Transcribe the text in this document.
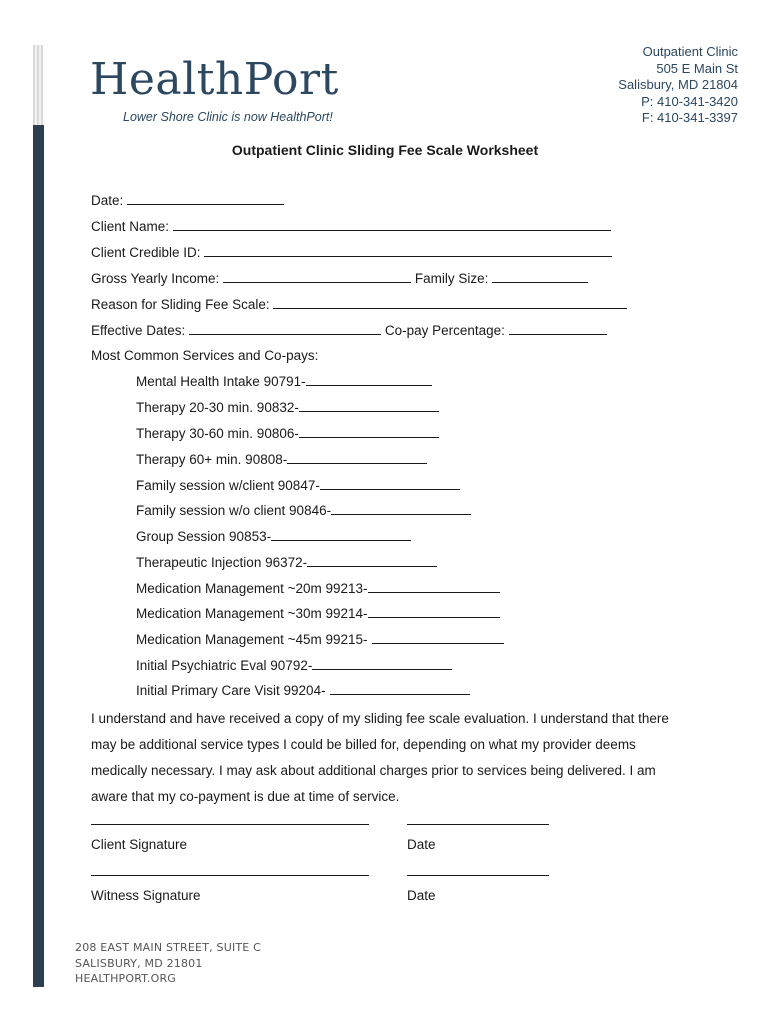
HealthPort
Lower Shore Clinic is now HealthPort!
Outpatient Clinic
505 E Main St
Salisbury, MD 21804
P: 410-341-3420
F: 410-341-3397
Outpatient Clinic Sliding Fee Scale Worksheet
Date:
Client Name:
Client Credible ID:
Gross Yearly Income:	Family Size:
Reason for Sliding Fee Scale:
Effective Dates:	Co-pay Percentage:
Most Common Services and Co-pays:
Mental Health Intake 90791-
Therapy 20-30 min. 90832-
Therapy 30-60 min. 90806-
Therapy 60+ min. 90808-
Family session w/client 90847-
Family session w/o client 90846-
Group Session 90853-
Therapeutic Injection 96372-
Medication Management ~20m 99213-
Medication Management ~30m 99214-
Medication Management ~45m 99215-
Initial Psychiatric Eval 90792-
Initial Primary Care Visit 99204-
I understand and have received a copy of my sliding fee scale evaluation. I understand that there may be additional service types I could be billed for, depending on what my provider deems medically necessary. I may ask about additional charges prior to services being delivered. I am aware that my co-payment is due at time of service.
Client Signature	Date
Witness Signature	Date
208 EAST MAIN STREET, SUITE C
SALISBURY, MD 21801
HEALTHPORT.ORG
